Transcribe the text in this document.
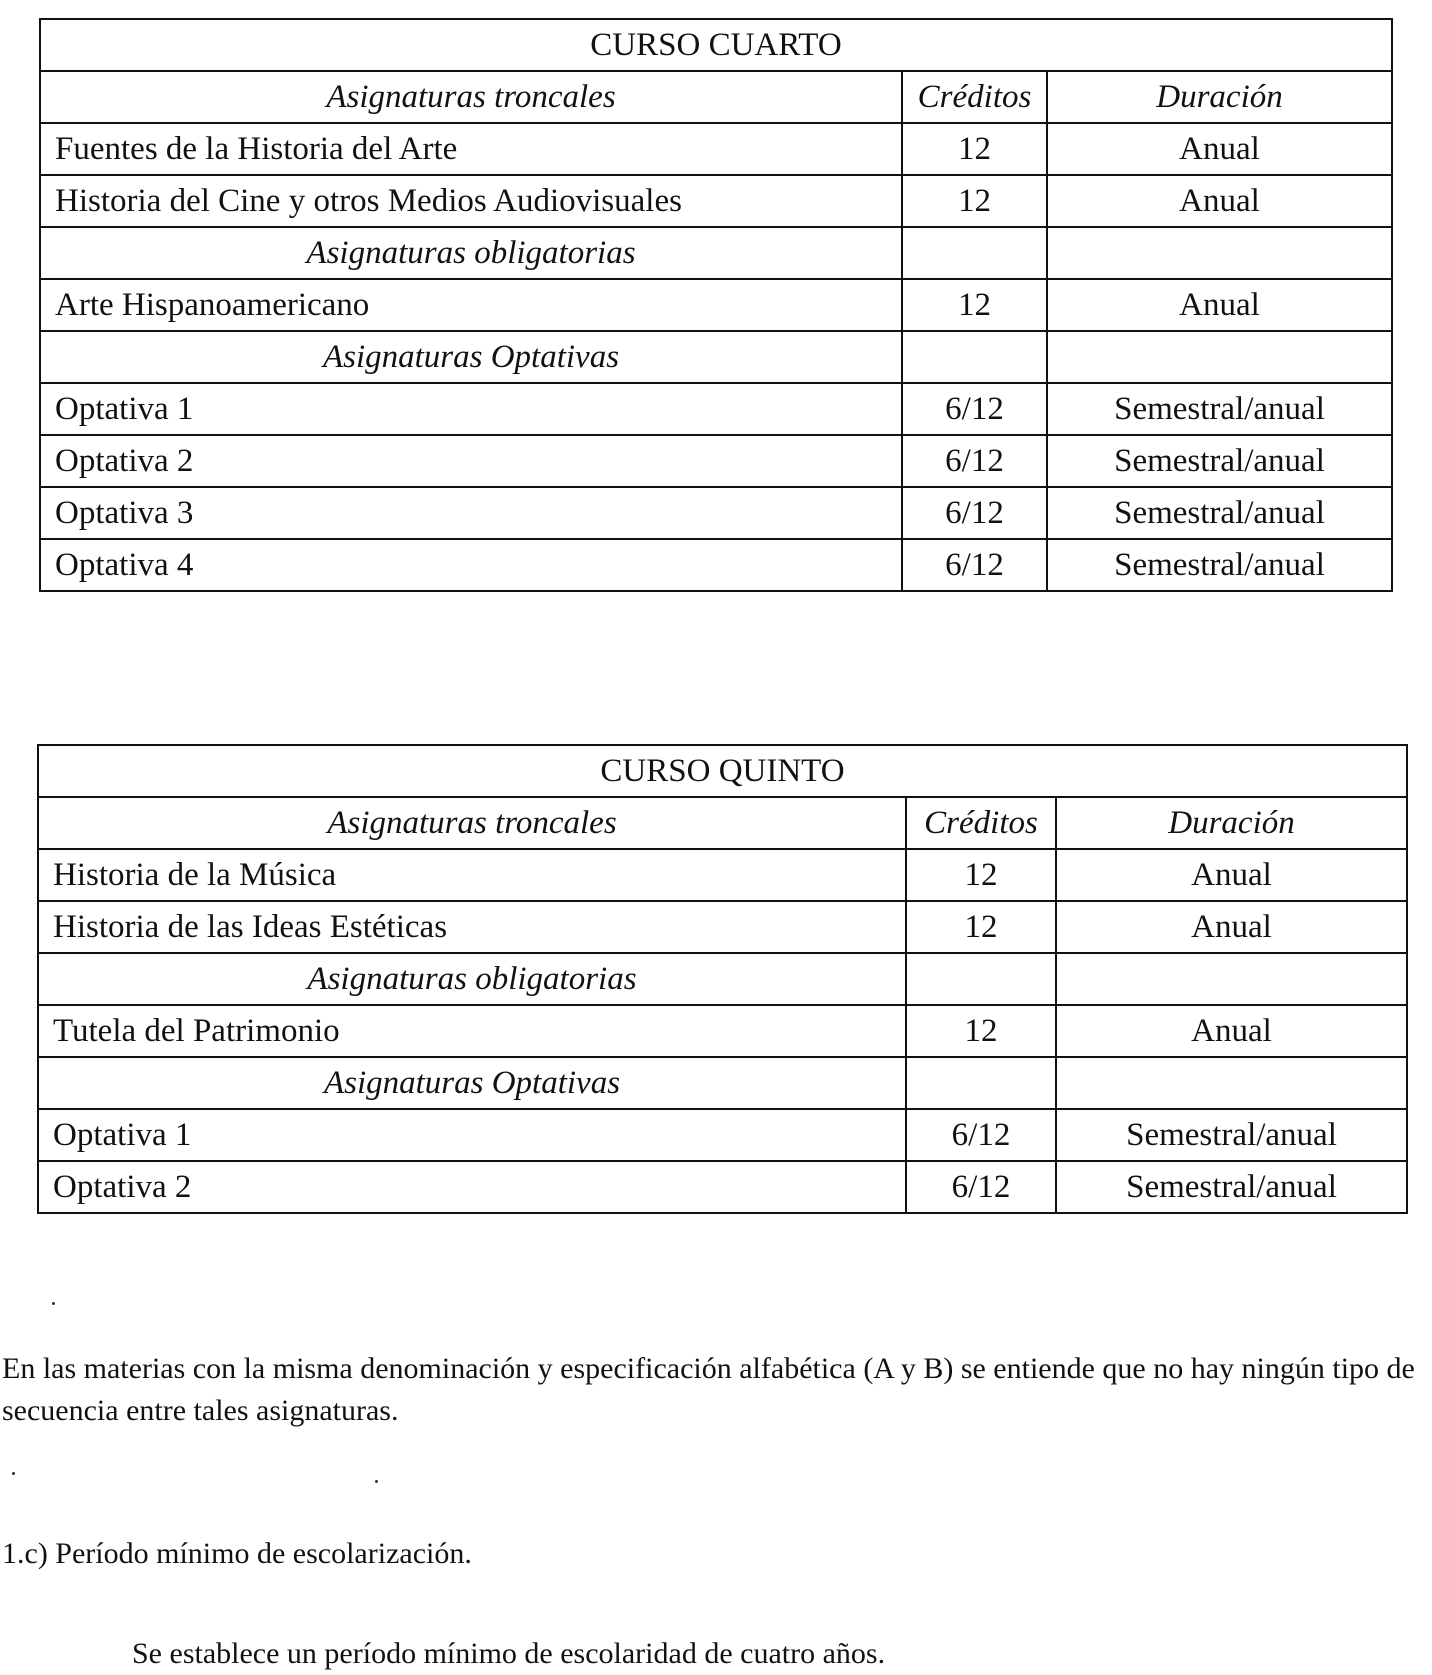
CURSO CUARTO		
Asignaturas troncales	Créditos	Duración
Fuentes de la Historia del Arte	12	Anual
Historia del Cine y otros Medios Audiovisuales	12	Anual
Asignaturas obligatorias		
Arte Hispanoamericano	12	Anual
Asignaturas Optativas		
Optativa 1	6/12	Semestral/anual
Optativa 2	6/12	Semestral/anual
Optativa 3	6/12	Semestral/anual
Optativa 4	6/12	Semestral/anual
CURSO QUINTO		
Asignaturas troncales	Créditos	Duración
Historia de la Música	12	Anual
Historia de las Ideas Estéticas	12	Anual
Asignaturas obligatorias		
Tutela del Patrimonio	12	Anual
Asignaturas Optativas		
Optativa 1	6/12	Semestral/anual
Optativa 2	6/12	Semestral/anual

En las materias con la misma denominación y especificación alfabética (A y B) se entiende que no hay ningún tipo de secuencia entre tales asignaturas.

1.c) Período mínimo de escolarización.

Se establece un período mínimo de escolaridad de cuatro años.
